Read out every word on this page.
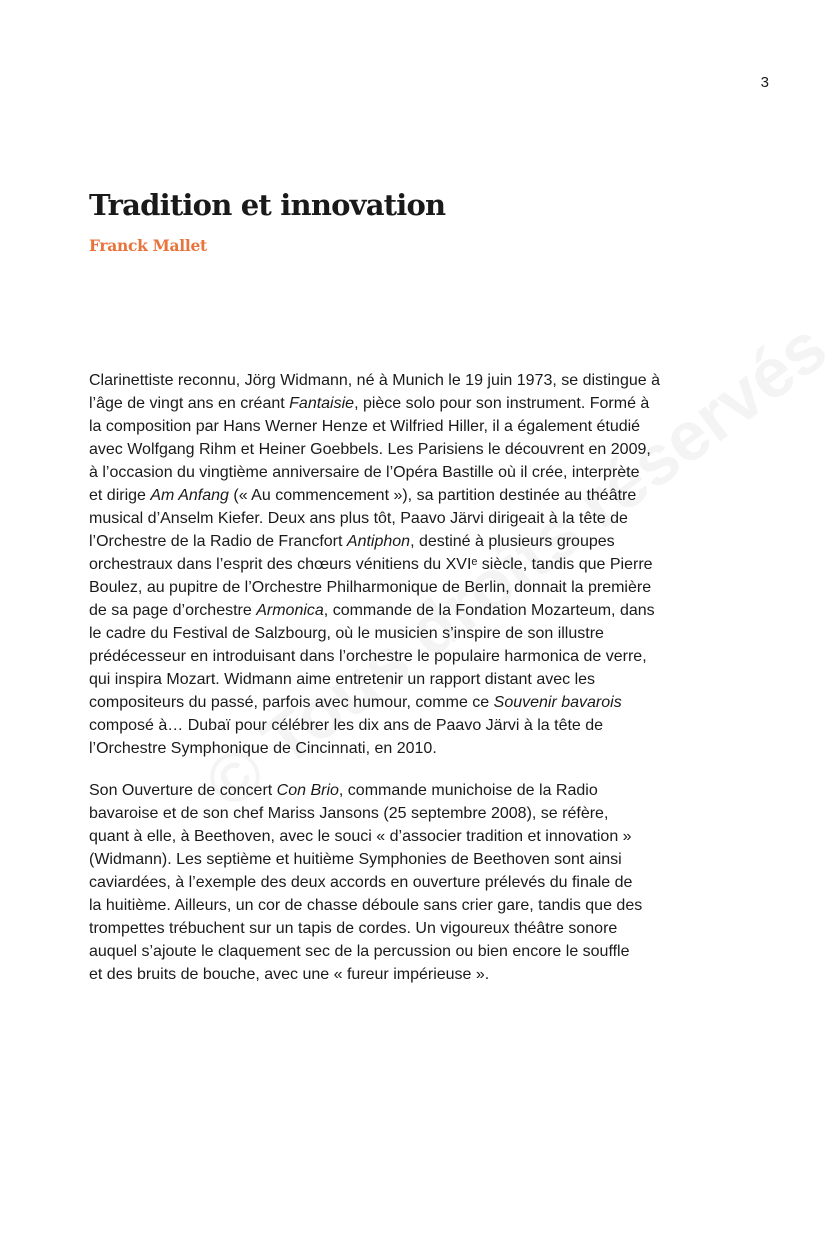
3
Tradition et innovation
Franck Mallet

Clarinettiste reconnu, Jörg Widmann, né à Munich le 19 juin 1973, se distingue à
l’âge de vingt ans en créant Fantaisie, pièce solo pour son instrument. Formé à
la composition par Hans Werner Henze et Wilfried Hiller, il a également étudié
avec Wolfgang Rihm et Heiner Goebbels. Les Parisiens le découvrent en 2009,
à l’occasion du vingtième anniversaire de l’Opéra Bastille où il crée, interprète
et dirige Am Anfang (« Au commencement »), sa partition destinée au théâtre
musical d’Anselm Kiefer. Deux ans plus tôt, Paavo Järvi dirigeait à la tête de
l’Orchestre de la Radio de Francfort Antiphon, destiné à plusieurs groupes
orchestraux dans l’esprit des chœurs vénitiens du XVIᵉ siècle, tandis que Pierre
Boulez, au pupitre de l’Orchestre Philharmonique de Berlin, donnait la première
de sa page d’orchestre Armonica, commande de la Fondation Mozarteum, dans
le cadre du Festival de Salzbourg, où le musicien s’inspire de son illustre
prédécesseur en introduisant dans l’orchestre le populaire harmonica de verre,
qui inspira Mozart. Widmann aime entretenir un rapport distant avec les
compositeurs du passé, parfois avec humour, comme ce Souvenir bavarois
composé à… Dubaï pour célébrer les dix ans de Paavo Järvi à la tête de
l’Orchestre Symphonique de Cincinnati, en 2010.

Son Ouverture de concert Con Brio, commande munichoise de la Radio
bavaroise et de son chef Mariss Jansons (25 septembre 2008), se réfère,
quant à elle, à Beethoven, avec le souci « d’associer tradition et innovation »
(Widmann). Les septième et huitième Symphonies de Beethoven sont ainsi
caviardées, à l’exemple des deux accords en ouverture prélevés du finale de
la huitième. Ailleurs, un cor de chasse déboule sans crier gare, tandis que des
trompettes trébuchent sur un tapis de cordes. Un vigoureux théâtre sonore
auquel s’ajoute le claquement sec de la percussion ou bien encore le souffle
et des bruits de bouche, avec une « fureur impérieuse ».
